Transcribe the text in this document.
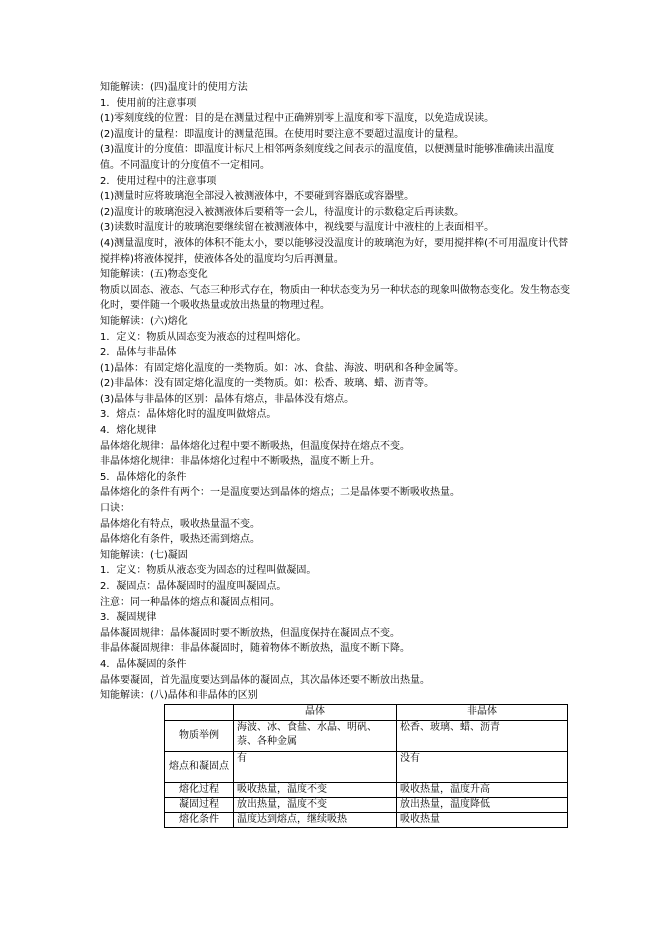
知能解读：(四)温度计的使用方法

1．使用前的注意事项

(1)零刻度线的位置：目的是在测量过程中正确辨别零上温度和零下温度，以免造成误读。

(2)温度计的量程：即温度计的测量范围。在使用时要注意不要超过温度计的量程。

(3)温度计的分度值：即温度计标尺上相邻两条刻度线之间表示的温度值，以便测量时能够准确读出温度值。不同温度计的分度值不一定相同。

2．使用过程中的注意事项

(1)测量时应将玻璃泡全部浸入被测液体中，不要碰到容器底或容器壁。

(2)温度计的玻璃泡浸入被测液体后要稍等一会儿，待温度计的示数稳定后再读数。

(3)读数时温度计的玻璃泡要继续留在被测液体中，视线要与温度计中液柱的上表面相平。

(4)测量温度时，液体的体积不能太小，要以能够浸没温度计的玻璃泡为好，要用搅拌棒(不可用温度计代替搅拌棒)将液体搅拌，使液体各处的温度均匀后再测量。

知能解读：(五)物态变化

物质以固态、液态、气态三种形式存在，物质由一种状态变为另一种状态的现象叫做物态变化。发生物态变化时，要伴随一个吸收热量或放出热量的物理过程。

知能解读：(六)熔化

1．定义：物质从固态变为液态的过程叫熔化。

2．晶体与非晶体

(1)晶体：有固定熔化温度的一类物质。如：冰、食盐、海波、明矾和各种金属等。

(2)非晶体：没有固定熔化温度的一类物质。如：松香、玻璃、蜡、沥青等。

(3)晶体与非晶体的区别：晶体有熔点，非晶体没有熔点。

3．熔点：晶体熔化时的温度叫做熔点。

4．熔化规律

晶体熔化规律：晶体熔化过程中要不断吸热，但温度保持在熔点不变。

非晶体熔化规律：非晶体熔化过程中不断吸热，温度不断上升。

5．晶体熔化的条件

晶体熔化的条件有两个：一是温度要达到晶体的熔点；二是晶体要不断吸收热量。

口诀：

晶体熔化有特点，吸收热量温不变。

晶体熔化有条件，吸热还需到熔点。

知能解读：(七)凝固

1．定义：物质从液态变为固态的过程叫做凝固。

2．凝固点：晶体凝固时的温度叫凝固点。

注意：同一种晶体的熔点和凝固点相同。

3．凝固规律

晶体凝固规律：晶体凝固时要不断放热，但温度保持在凝固点不变。

非晶体凝固规律：非晶体凝固时，随着物体不断放热，温度不断下降。

4．晶体凝固的条件

晶体要凝固，首先温度要达到晶体的凝固点，其次晶体还要不断放出热量。

知能解读：(八)晶体和非晶体的区别

	晶体	非晶体
物质举例	海波、冰、食盐、水晶、明矾、萘、各种金属	松香、玻璃、蜡、沥青
熔点和凝固点	有	没有
熔化过程	吸收热量，温度不变	吸收热量，温度升高
凝固过程	放出热量，温度不变	放出热量，温度降低
熔化条件	温度达到熔点，继续吸热	吸收热量
